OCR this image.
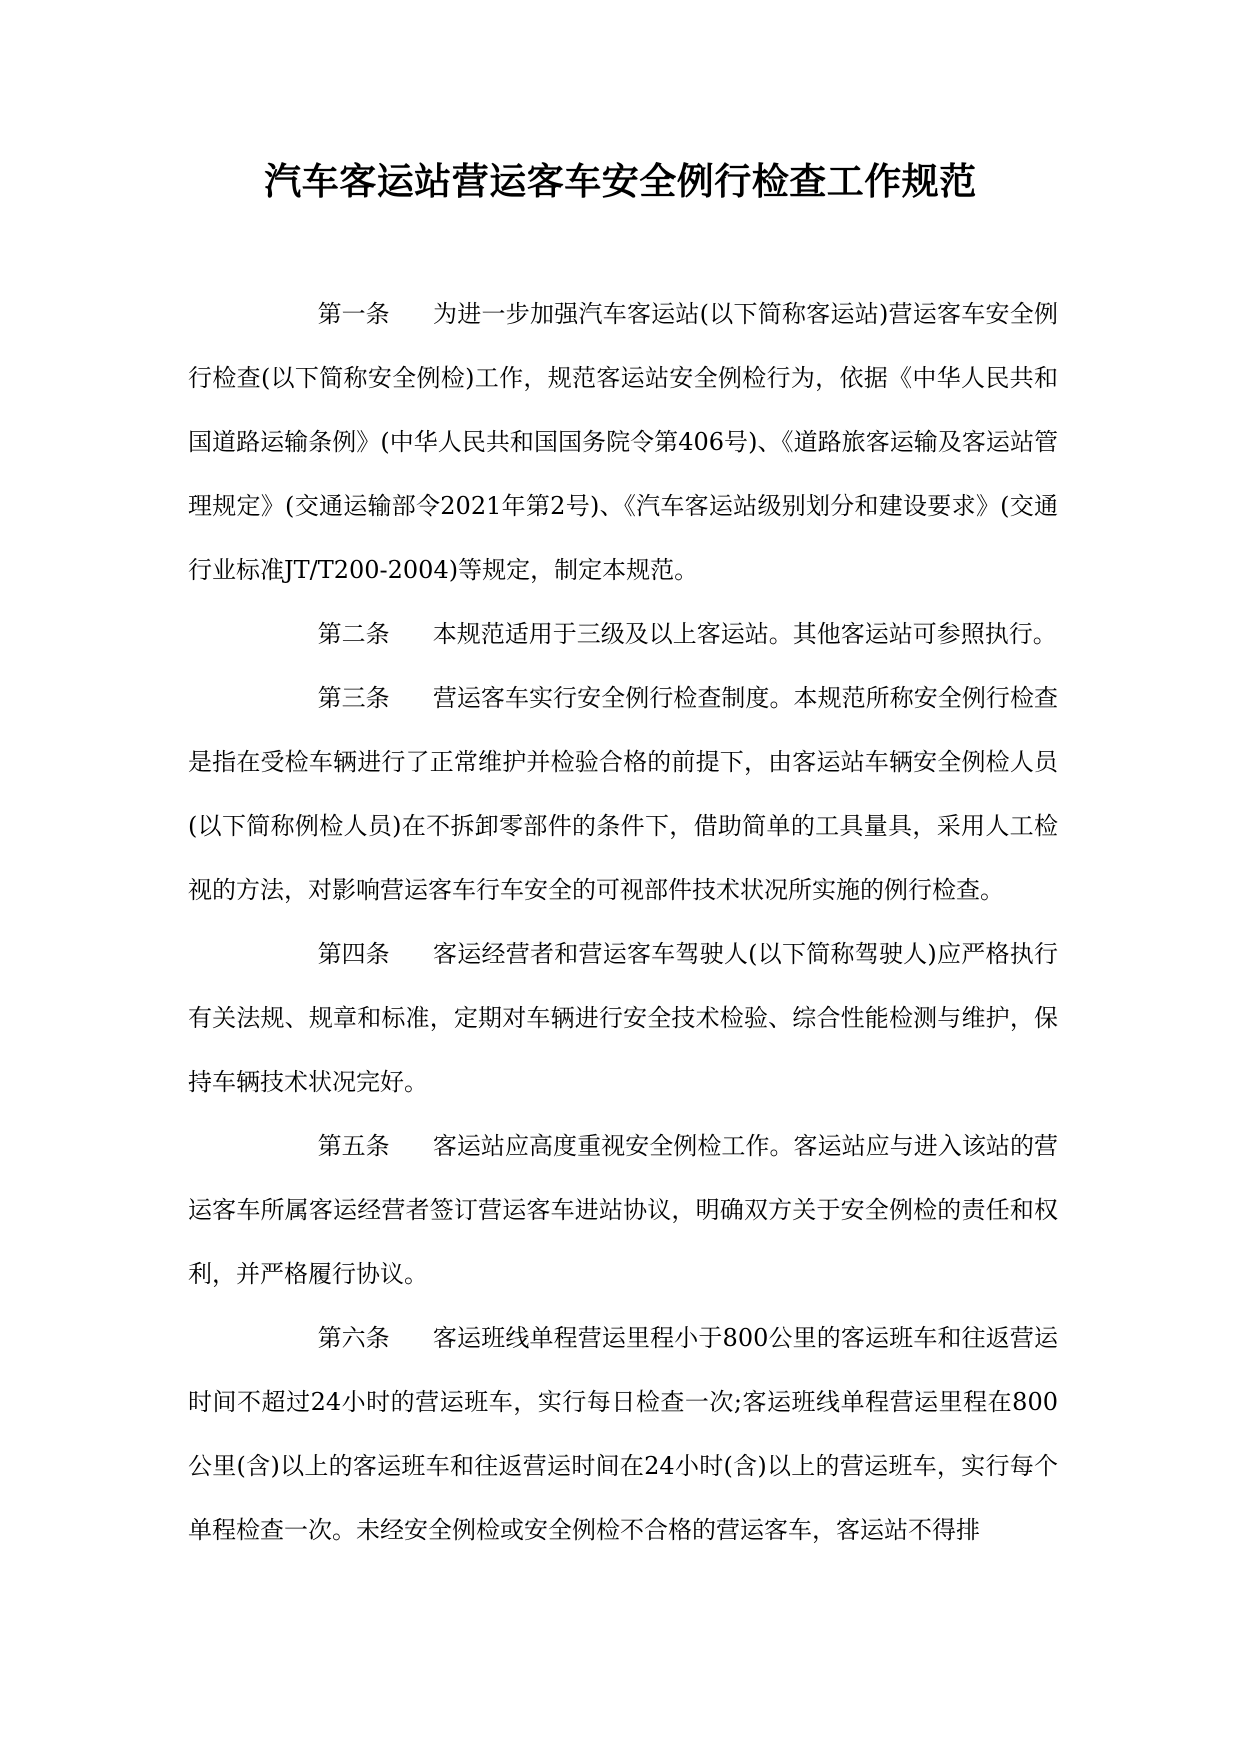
汽车客运站营运客车安全例行检查工作规范

第一条 为进一步加强汽车客运站(以下简称客运站)营运客车安全例行检查(以下简称安全例检)工作，规范客运站安全例检行为，依据《中华人民共和国道路运输条例》(中华人民共和国国务院令第406号)、《道路旅客运输及客运站管理规定》(交通运输部令2021年第2号)、《汽车客运站级别划分和建设要求》(交通行业标准JT/T200-2004)等规定，制定本规范。

第二条 本规范适用于三级及以上客运站。其他客运站可参照执行。

第三条 营运客车实行安全例行检查制度。本规范所称安全例行检查是指在受检车辆进行了正常维护并检验合格的前提下，由客运站车辆安全例检人员(以下简称例检人员)在不拆卸零部件的条件下，借助简单的工具量具，采用人工检视的方法，对影响营运客车行车安全的可视部件技术状况所实施的例行检查。

第四条 客运经营者和营运客车驾驶人(以下简称驾驶人)应严格执行有关法规、规章和标准，定期对车辆进行安全技术检验、综合性能检测与维护，保持车辆技术状况完好。

第五条 客运站应高度重视安全例检工作。客运站应与进入该站的营运客车所属客运经营者签订营运客车进站协议，明确双方关于安全例检的责任和权利，并严格履行协议。

第六条 客运班线单程营运里程小于800公里的客运班车和往返营运时间不超过24小时的营运班车，实行每日检查一次;客运班线单程营运里程在800公里(含)以上的客运班车和往返营运时间在24小时(含)以上的营运班车，实行每个单程检查一次。未经安全例检或安全例检不合格的营运客车，客运站不得排
